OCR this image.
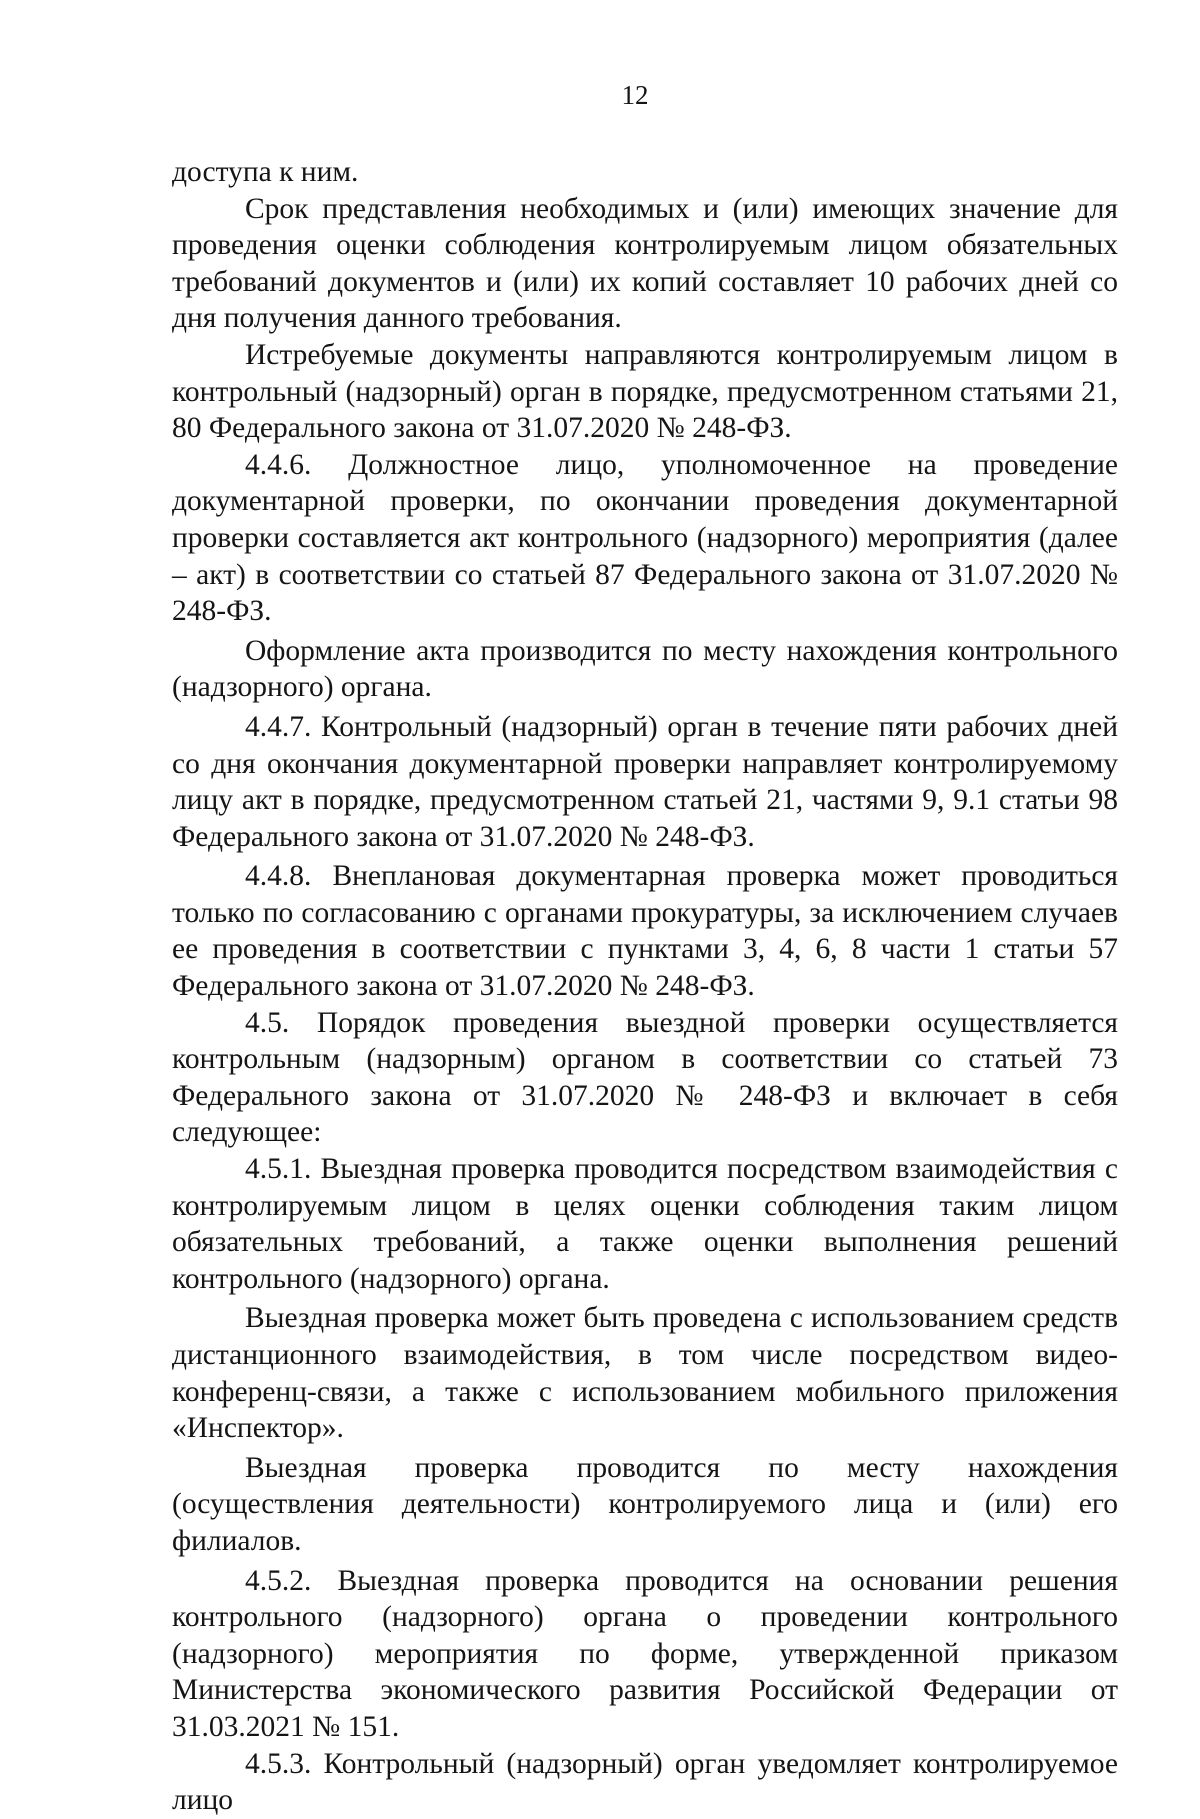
12

доступа к ним.

Срок представления необходимых и (или) имеющих значение для проведения оценки соблюдения контролируемым лицом обязательных требований документов и (или) их копий составляет 10 рабочих дней со дня получения данного требования.

Истребуемые документы направляются контролируемым лицом в контрольный (надзорный) орган в порядке, предусмотренном статьями 21, 80 Федерального закона от 31.07.2020 № 248-ФЗ.

4.4.6. Должностное лицо, уполномоченное на проведение документарной проверки, по окончании проведения документарной проверки составляется акт контрольного (надзорного) мероприятия (далее – акт) в соответствии со статьей 87 Федерального закона от 31.07.2020 № 248-ФЗ.

Оформление акта производится по месту нахождения контрольного (надзорного) органа.

4.4.7. Контрольный (надзорный) орган в течение пяти рабочих дней со дня окончания документарной проверки направляет контролируемому лицу акт в порядке, предусмотренном статьей 21, частями 9, 9.1 статьи 98 Федерального закона от 31.07.2020 № 248-ФЗ.

4.4.8. Внеплановая документарная проверка может проводиться только по согласованию с органами прокуратуры, за исключением случаев ее проведения в соответствии с пунктами 3, 4, 6, 8 части 1 статьи 57 Федерального закона от 31.07.2020 № 248-ФЗ.

4.5. Порядок проведения выездной проверки осуществляется контрольным (надзорным) органом в соответствии со статьей 73 Федерального закона от 31.07.2020 № 248-ФЗ и включает в себя следующее:

4.5.1. Выездная проверка проводится посредством взаимодействия с контролируемым лицом в целях оценки соблюдения таким лицом обязательных требований, а также оценки выполнения решений контрольного (надзорного) органа.

Выездная проверка может быть проведена с использованием средств дистанционного взаимодействия, в том числе посредством видео-конференц-связи, а также с использованием мобильного приложения «Инспектор».

Выездная проверка проводится по месту нахождения (осуществления деятельности) контролируемого лица и (или) его филиалов.

4.5.2. Выездная проверка проводится на основании решения контрольного (надзорного) органа о проведении контрольного (надзорного) мероприятия по форме, утвержденной приказом Министерства экономического развития Российской Федерации от 31.03.2021 № 151.

4.5.3. Контрольный (надзорный) орган уведомляет контролируемое лицо
